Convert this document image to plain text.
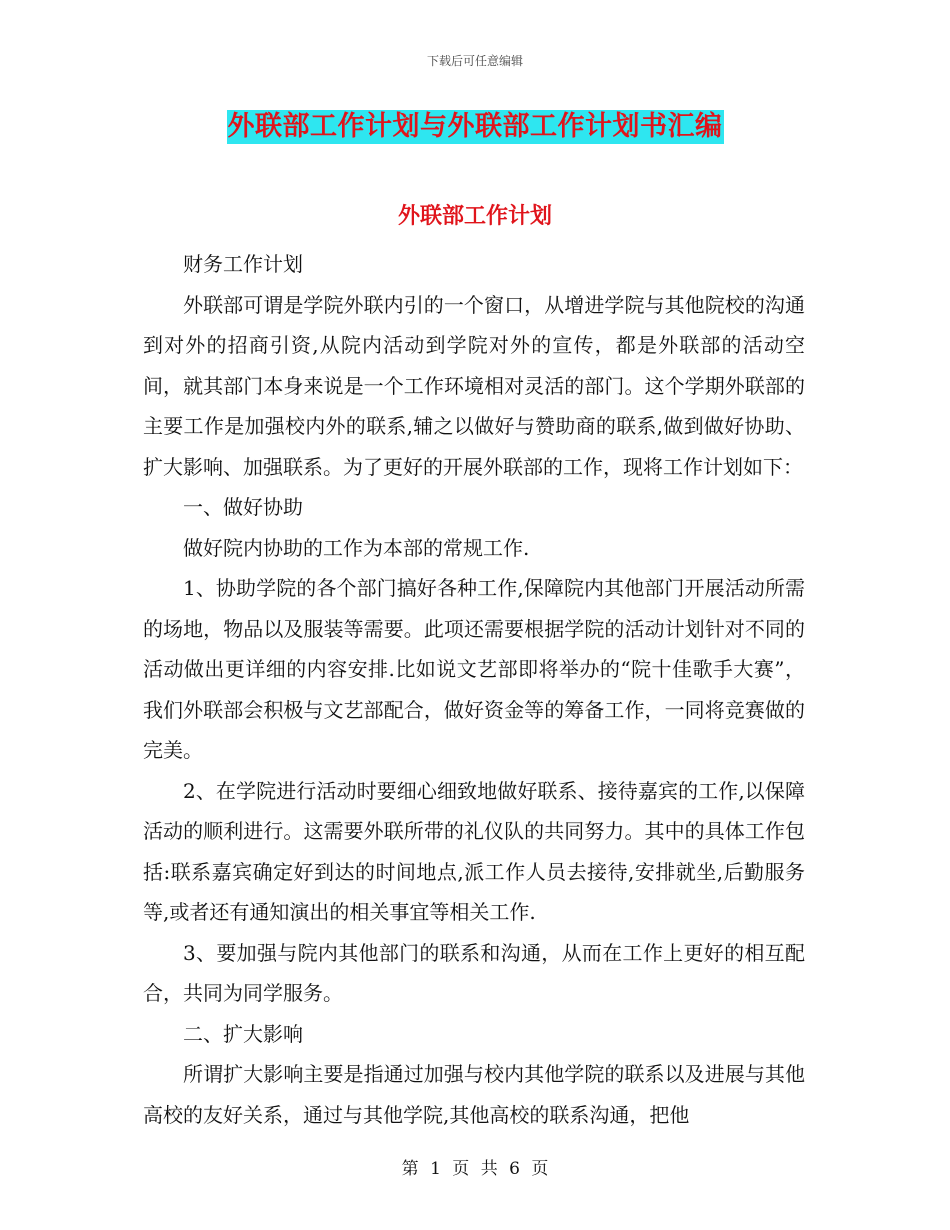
下载后可任意编辑
外联部工作计划与外联部工作计划书汇编
外联部工作计划

财务工作计划

外联部可谓是学院外联内引的一个窗口，从增进学院与其他院校的沟通到对外的招商引资,从院内活动到学院对外的宣传，都是外联部的活动空间，就其部门本身来说是一个工作环境相对灵活的部门。这个学期外联部的主要工作是加强校内外的联系,辅之以做好与赞助商的联系,做到做好协助、扩大影响、加强联系。为了更好的开展外联部的工作，现将工作计划如下：

一、做好协助

做好院内协助的工作为本部的常规工作.

1、协助学院的各个部门搞好各种工作,保障院内其他部门开展活动所需的场地，物品以及服装等需要。此项还需要根据学院的活动计划针对不同的活动做出更详细的内容安排.比如说文艺部即将举办的“院十佳歌手大赛”，我们外联部会积极与文艺部配合，做好资金等的筹备工作，一同将竞赛做的完美。

2、在学院进行活动时要细心细致地做好联系、接待嘉宾的工作,以保障活动的顺利进行。这需要外联所带的礼仪队的共同努力。其中的具体工作包括:联系嘉宾确定好到达的时间地点,派工作人员去接待,安排就坐,后勤服务等,或者还有通知演出的相关事宜等相关工作.

3、要加强与院内其他部门的联系和沟通，从而在工作上更好的相互配合，共同为同学服务。

二、扩大影响

所谓扩大影响主要是指通过加强与校内其他学院的联系以及进展与其他高校的友好关系，通过与其他学院,其他高校的联系沟通，把他

第 1 页 共 6 页
